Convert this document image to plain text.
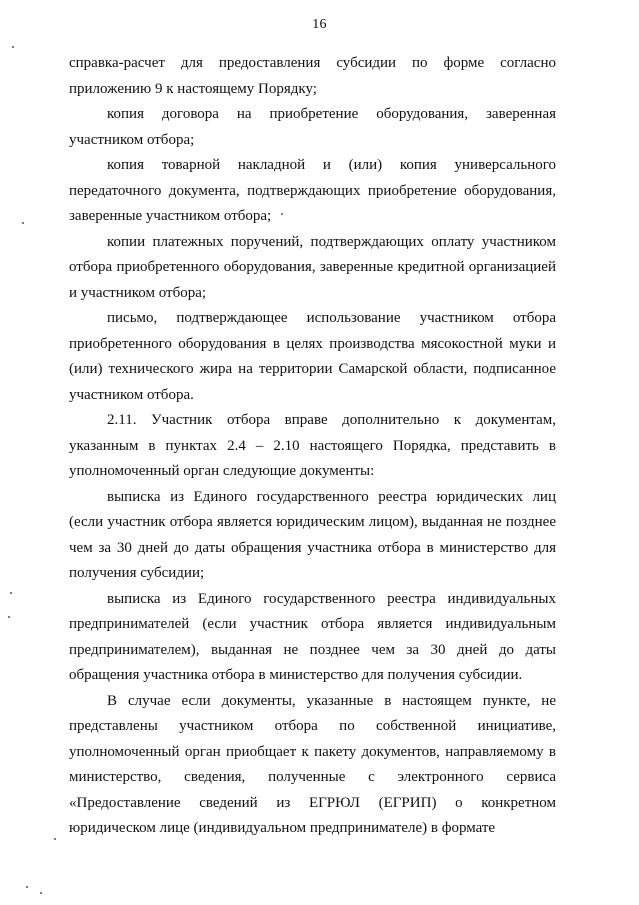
16

справка-расчет для предоставления субсидии по форме согласно приложению 9 к настоящему Порядку;

копия договора на приобретение оборудования, заверенная участником отбора;

копия товарной накладной и (или) копия универсального передаточного документа, подтверждающих приобретение оборудования, заверенные участником отбора;

копии платежных поручений, подтверждающих оплату участником отбора приобретенного оборудования, заверенные кредитной организацией и участником отбора;

письмо, подтверждающее использование участником отбора приобретенного оборудования в целях производства мясокостной муки и (или) технического жира на территории Самарской области, подписанное участником отбора.

2.11. Участник отбора вправе дополнительно к документам, указанным в пунктах 2.4 – 2.10 настоящего Порядка, представить в уполномоченный орган следующие документы:

выписка из Единого государственного реестра юридических лиц (если участник отбора является юридическим лицом), выданная не позднее чем за 30 дней до даты обращения участника отбора в министерство для получения субсидии;

выписка из Единого государственного реестра индивидуальных предпринимателей (если участник отбора является индивидуальным предпринимателем), выданная не позднее чем за 30 дней до даты обращения участника отбора в министерство для получения субсидии.

В случае если документы, указанные в настоящем пункте, не представлены участником отбора по собственной инициативе, уполномоченный орган приобщает к пакету документов, направляемому в министерство, сведения, полученные с электронного сервиса «Предоставление сведений из ЕГРЮЛ (ЕГРИП) о конкретном юридическом лице (индивидуальном предпринимателе) в формате
